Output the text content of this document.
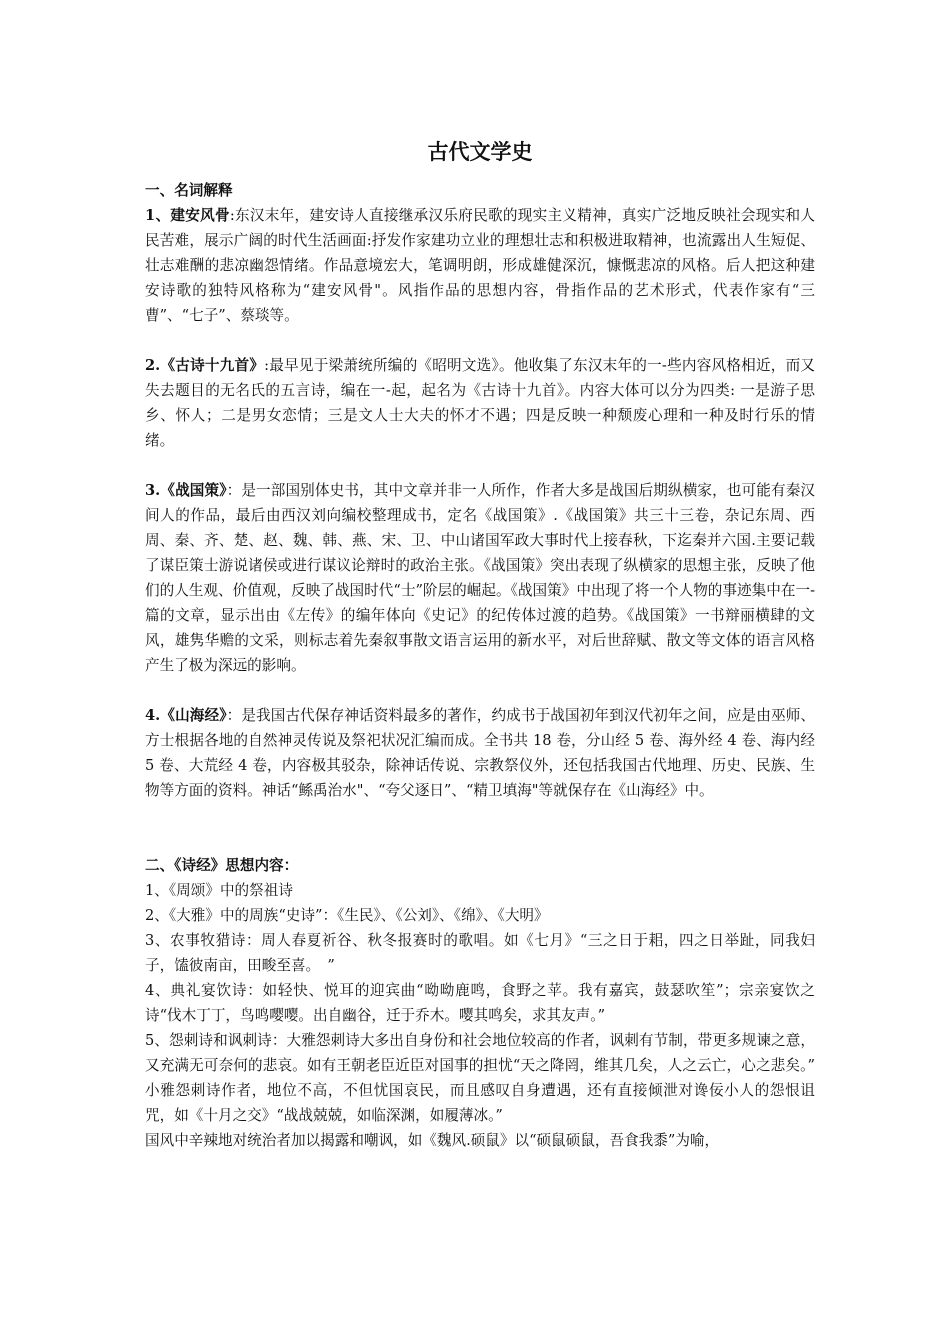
古代文学史

一、名词解释

1、建安风骨:东汉末年，建安诗人直接继承汉乐府民歌的现实主义精神，真实广泛地反映社会现实和人民苦难，展示广阔的时代生活画面:抒发作家建功立业的理想壮志和积极进取精神，也流露出人生短促、壮志难酬的悲凉幽怨情绪。作品意境宏大，笔调明朗，形成雄健深沉，慷慨悲凉的风格。后人把这种建安诗歌的独特风格称为“建安风骨"。风指作品的思想内容，骨指作品的艺术形式，代表作家有“三曹”、“七子”、蔡琰等。

2.《古诗十九首》:最早见于梁萧统所编的《昭明文选》。他收集了东汉末年的一-些内容风格相近，而又失去题目的无名氏的五言诗，编在一-起，起名为《古诗十九首》。内容大体可以分为四类: 一是游子思乡、怀人；二是男女恋情；三是文人士大夫的怀才不遇；四是反映一种颓废心理和一种及时行乐的情绪。

3.《战国策》：是一部国别体史书，其中文章并非一人所作，作者大多是战国后期纵横家，也可能有秦汉间人的作品，最后由西汉刘向编校整理成书，定名《战国策》.《战国策》共三十三卷，杂记东周、西周、秦、齐、楚、赵、魏、韩、燕、宋、卫、中山诸国军政大事时代上接春秋，下迄秦并六国.主要记载了谋臣策士游说诸侯或进行谋议论辩时的政治主张。《战国策》突出表现了纵横家的思想主张，反映了他们的人生观、价值观，反映了战国时代“士”阶层的崛起。《战国策》中出现了将一个人物的事迹集中在一-篇的文章，显示出由《左传》的编年体向《史记》的纪传体过渡的趋势。《战国策》一书辩丽横肆的文风，雄隽华赡的文采，则标志着先秦叙事散文语言运用的新水平，对后世辞赋、散文等文体的语言风格产生了极为深远的影响。

4.《山海经》：是我国古代保存神话资料最多的著作，约成书于战国初年到汉代初年之间，应是由巫师、方士根据各地的自然神灵传说及祭祀状况汇编而成。全书共 18 卷，分山经 5 卷、海外经 4 卷、海内经 5 卷、大荒经 4 卷，内容极其驳杂，除神话传说、宗教祭仪外，还包括我国古代地理、历史、民族、生物等方面的资料。神话“鲧禹治水"、“夸父逐日”、“精卫填海"等就保存在《山海经》中。

二、《诗经》思想内容：

1、《周颂》中的祭祖诗

2、《大雅》中的周族“史诗”：《生民》、《公刘》、《绵》、《大明》

3、农事牧猎诗：周人春夏祈谷、秋冬报赛时的歌唱。如《七月》“三之日于耜，四之日举趾，同我妇子，馌彼南亩，田畯至喜。　”

4、典礼宴饮诗：如轻快、悦耳的迎宾曲“呦呦鹿鸣，食野之苹。我有嘉宾，鼓瑟吹笙”；宗亲宴饮之诗“伐木丁丁，鸟鸣嘤嘤。出自幽谷，迁于乔木。嘤其鸣矣，求其友声。”

5、怨刺诗和讽刺诗：大雅怨刺诗大多出自身份和社会地位较高的作者，讽刺有节制，带更多规谏之意，又充满无可奈何的悲哀。如有王朝老臣近臣对国事的担忧“天之降罔，维其几矣，人之云亡，心之悲矣。”　小雅怨刺诗作者，地位不高，不但忧国哀民，而且感叹自身遭遇，还有直接倾泄对谗佞小人的怨恨诅咒，如《十月之交》“战战兢兢，如临深渊，如履薄冰。”

国风中辛辣地对统治者加以揭露和嘲讽，如《魏风.硕鼠》以“硕鼠硕鼠，吾食我黍”为喻，
